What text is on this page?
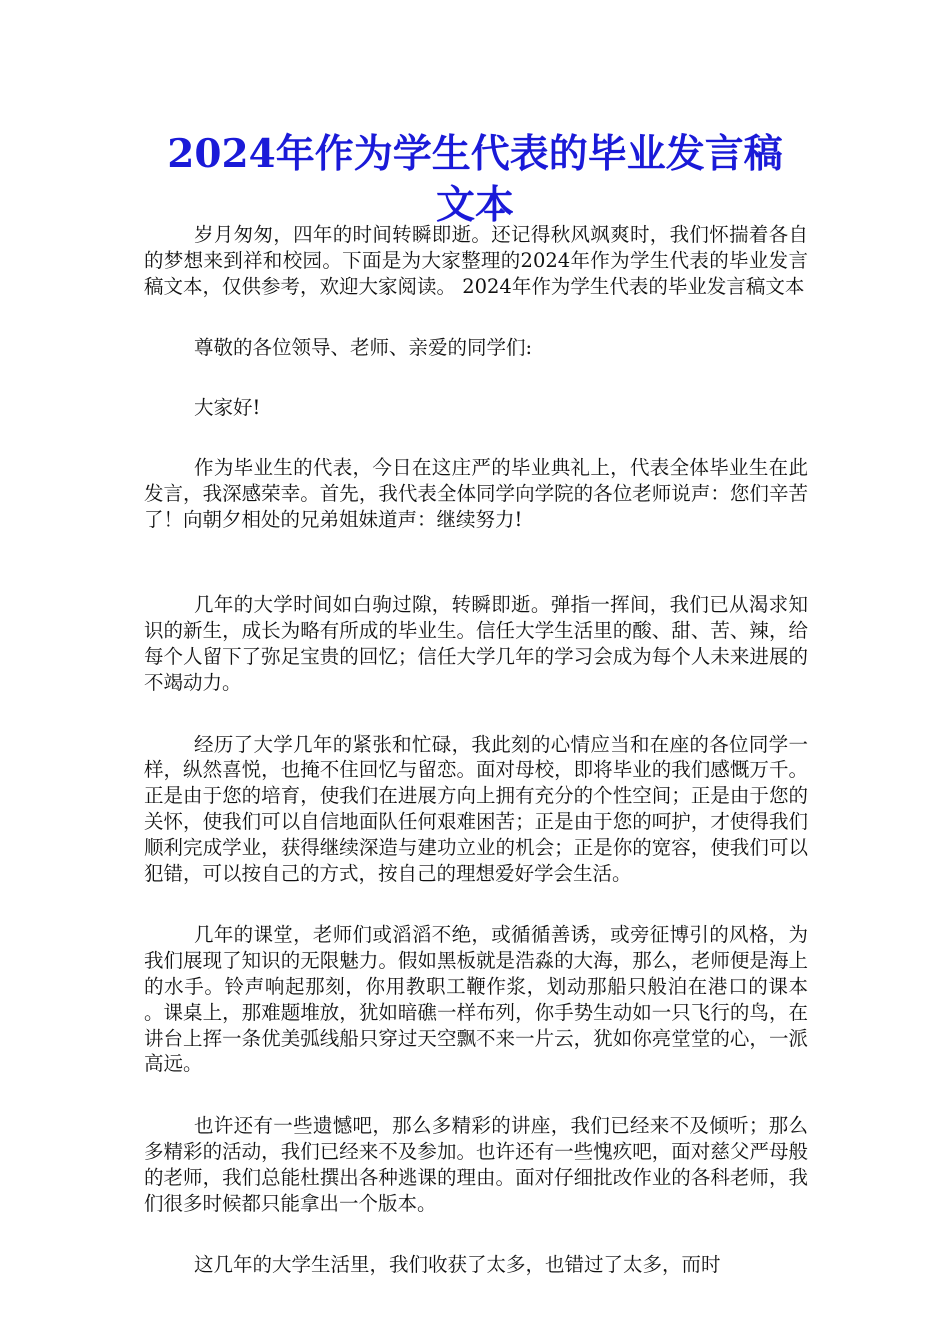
2024年作为学生代表的毕业发言稿
文本

岁月匆匆，四年的时间转瞬即逝。还记得秋风飒爽时，我们怀揣着各自的梦想来到祥和校园。下面是为大家整理的2024年作为学生代表的毕业发言稿文本，仅供参考，欢迎大家阅读。 2024年作为学生代表的毕业发言稿文本

尊敬的各位领导、老师、亲爱的同学们:

大家好!

作为毕业生的代表，今日在这庄严的毕业典礼上，代表全体毕业生在此发言，我深感荣幸。首先，我代表全体同学向学院的各位老师说声：您们辛苦了！向朝夕相处的兄弟姐妹道声：继续努力!

几年的大学时间如白驹过隙，转瞬即逝。弹指一挥间，我们已从渴求知识的新生，成长为略有所成的毕业生。信任大学生活里的酸、甜、苦、辣，给每个人留下了弥足宝贵的回忆；信任大学几年的学习会成为每个人未来进展的不竭动力。

经历了大学几年的紧张和忙碌，我此刻的心情应当和在座的各位同学一样，纵然喜悦，也掩不住回忆与留恋。面对母校，即将毕业的我们感慨万千。正是由于您的培育，使我们在进展方向上拥有充分的个性空间；正是由于您的关怀，使我们可以自信地面队任何艰难困苦；正是由于您的呵护，才使得我们顺利完成学业，获得继续深造与建功立业的机会；正是你的宽容，使我们可以犯错，可以按自己的方式，按自己的理想爱好学会生活。

几年的课堂，老师们或滔滔不绝，或循循善诱，或旁征博引的风格，为我们展现了知识的无限魅力。假如黑板就是浩淼的大海，那么，老师便是海上的水手。铃声响起那刻，你用教职工鞭作浆，划动那船只般泊在港口的课本 。课桌上，那难题堆放，犹如暗礁一样布列，你手势生动如一只飞行的鸟，在讲台上挥一条优美弧线船只穿过天空飘不来一片云，犹如你亮堂堂的心，一派高远。

也许还有一些遗憾吧，那么多精彩的讲座，我们已经来不及倾听；那么多精彩的活动，我们已经来不及参加。也许还有一些愧疚吧，面对慈父严母般的老师，我们总能杜撰出各种逃课的理由。面对仔细批改作业的各科老师，我们很多时候都只能拿出一个版本。

这几年的大学生活里，我们收获了太多，也错过了太多，而时
